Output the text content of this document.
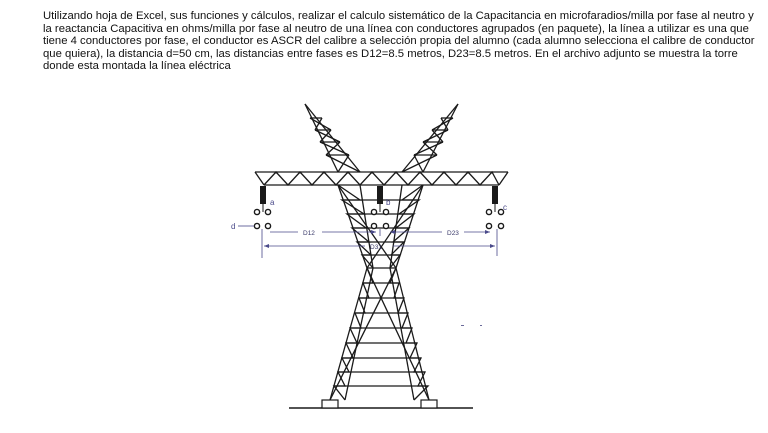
Utilizando hoja de Excel, sus funciones y cálculos, realizar el calculo sistemático de la Capacitancia en microfaradios/milla por fase al neutro y la reactancia Capacitiva en ohms/milla por fase al neutro de una línea con conductores agrupados (en paquete), la línea a utilizar es una que tiene 4 conductores por fase, el conductor es ASCR del calibre a selección propia del alumno (cada alumno selecciona el calibre de conductor que quiera), la distancia d=50 cm, las distancias entre fases es D12=8.5 metros, D23=8.5 metros. En el archivo adjunto se muestra la torre donde esta montada la línea eléctrica
a	b
c
d
D12	D23
D31
